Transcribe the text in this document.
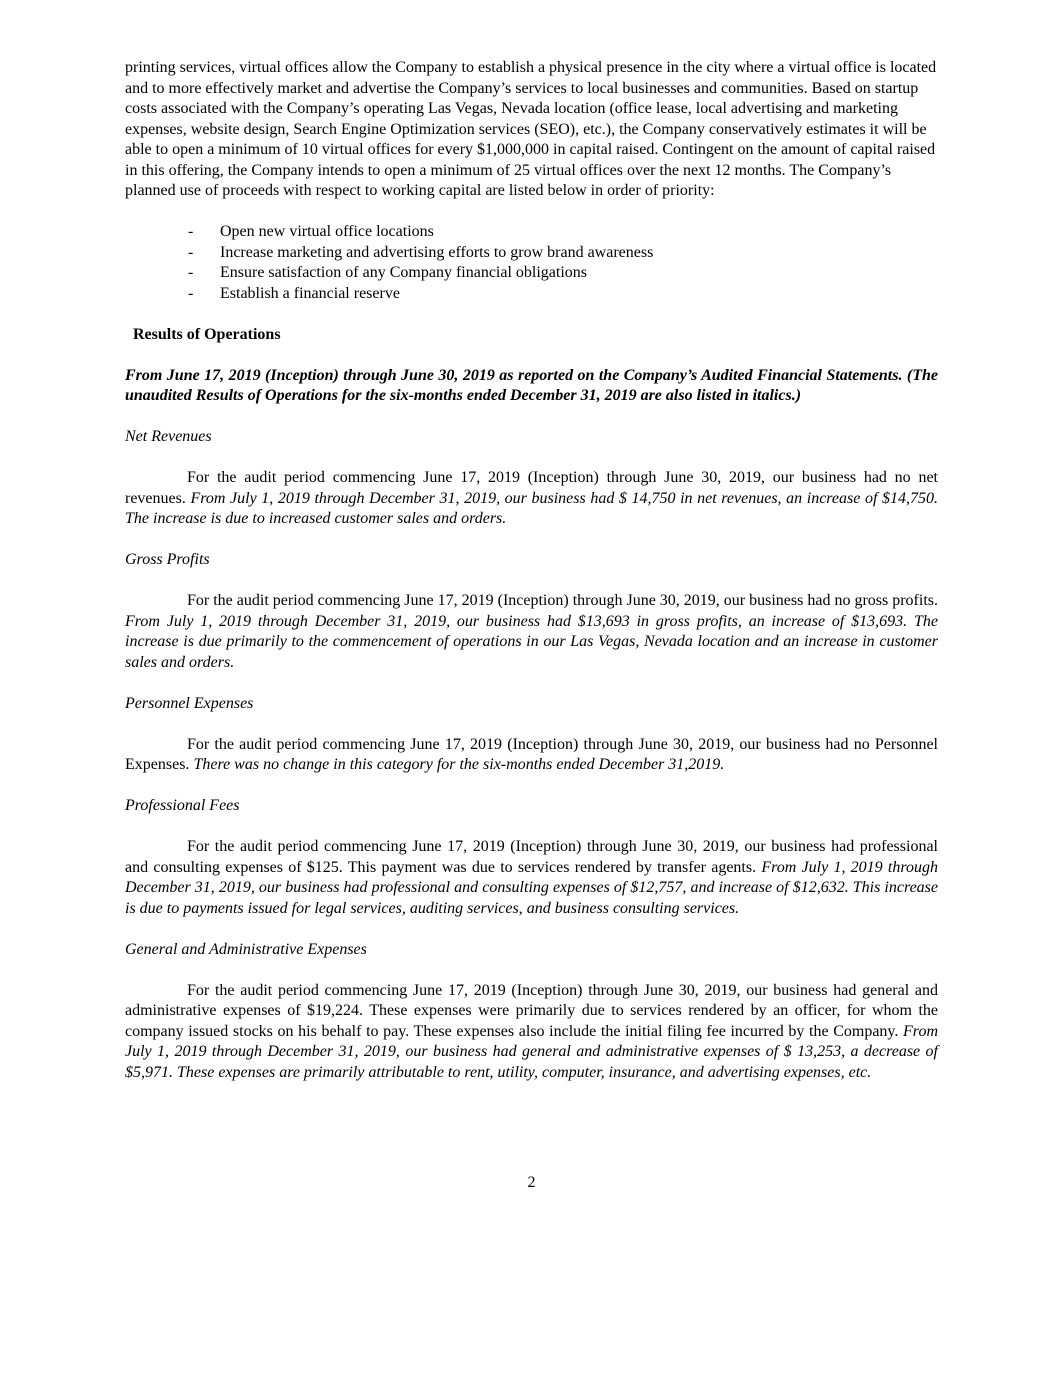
printing services, virtual offices allow the Company to establish a physical presence in the city where a virtual office is located and to more effectively market and advertise the Company’s services to local businesses and communities. Based on startup costs associated with the Company’s operating Las Vegas, Nevada location (office lease, local advertising and marketing expenses, website design, Search Engine Optimization services (SEO), etc.), the Company conservatively estimates it will be able to open a minimum of 10 virtual offices for every $1,000,000 in capital raised. Contingent on the amount of capital raised in this offering, the Company intends to open a minimum of 25 virtual offices over the next 12 months. The Company’s planned use of proceeds with respect to working capital are listed below in order of priority:

-	Open new virtual office locations
-	Increase marketing and advertising efforts to grow brand awareness
-	Ensure satisfaction of any Company financial obligations
-	Establish a financial reserve
Results of Operations

From June 17, 2019 (Inception) through June 30, 2019 as reported on the Company’s Audited Financial Statements. (The unaudited Results of Operations for the six-months ended December 31, 2019 are also listed in italics.)

Net Revenues

For the audit period commencing June 17, 2019 (Inception) through June 30, 2019, our business had no net revenues. From July 1, 2019 through December 31, 2019, our business had $ 14,750 in net revenues, an increase of $14,750. The increase is due to increased customer sales and orders.

Gross Profits

For the audit period commencing June 17, 2019 (Inception) through June 30, 2019, our business had no gross profits. From July 1, 2019 through December 31, 2019, our business had $13,693 in gross profits, an increase of $13,693. The increase is due primarily to the commencement of operations in our Las Vegas, Nevada location and an increase in customer sales and orders.

Personnel Expenses

For the audit period commencing June 17, 2019 (Inception) through June 30, 2019, our business had no Personnel Expenses. There was no change in this category for the six-months ended December 31,2019.

Professional Fees

For the audit period commencing June 17, 2019 (Inception) through June 30, 2019, our business had professional and consulting expenses of $125. This payment was due to services rendered by transfer agents. From July 1, 2019 through December 31, 2019, our business had professional and consulting expenses of $12,757, and increase of $12,632. This increase is due to payments issued for legal services, auditing services, and business consulting services.

General and Administrative Expenses

For the audit period commencing June 17, 2019 (Inception) through June 30, 2019, our business had general and administrative expenses of $19,224. These expenses were primarily due to services rendered by an officer, for whom the company issued stocks on his behalf to pay. These expenses also include the initial filing fee incurred by the Company. From July 1, 2019 through December 31, 2019, our business had general and administrative expenses of $ 13,253, a decrease of $5,971. These expenses are primarily attributable to rent, utility, computer, insurance, and advertising expenses, etc.

2
